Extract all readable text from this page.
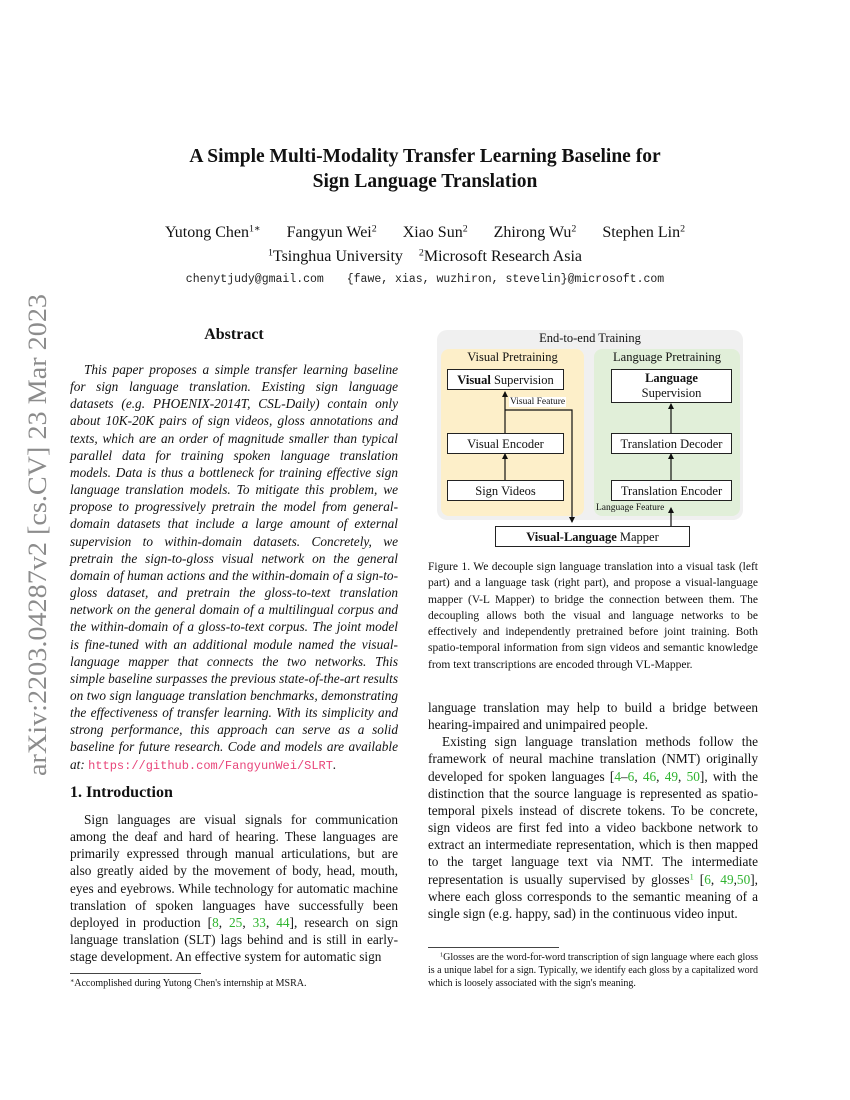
arXiv:2203.04287v2 [cs.CV] 23 Mar 2023
A Simple Multi-Modality Transfer Learning Baseline for
Sign Language Translation
Yutong Chen$^{1∗}$ Fangyun Wei$^2$ Xiao Sun$^2$ Zhirong Wu$^2$ Stephen Lin$^2$
$^1$Tsinghua University $^2$Microsoft Research Asia
chenytjudy@gmail.com {fawe, xias, wuzhiron, stevelin}@microsoft.com
Abstract
This paper proposes a simple transfer learning baseline for sign language translation. Existing sign language datasets (e.g. PHOENIX-2014T, CSL-Daily) contain only about 10K-20K pairs of sign videos, gloss annotations and texts, which are an order of magnitude smaller than typical parallel data for training spoken language translation models. Data is thus a bottleneck for training effective sign language translation models. To mitigate this problem, we propose to progressively pretrain the model from general-domain datasets that include a large amount of external supervision to within-domain datasets. Concretely, we pretrain the sign-to-gloss visual network on the general domain of human actions and the within-domain of a sign-to-gloss dataset, and pretrain the gloss-to-text translation network on the general domain of a multilingual corpus and the within-domain of a gloss-to-text corpus. The joint model is fine-tuned with an additional module named the visual-language mapper that connects the two networks. This simple baseline surpasses the previous state-of-the-art results on two sign language translation benchmarks, demonstrating the effectiveness of transfer learning. With its simplicity and strong performance, this approach can serve as a solid baseline for future research. Code and models are available at: https://github.com/FangyunWei/SLRT.
1. Introduction
Sign languages are visual signals for communication among the deaf and hard of hearing. These languages are primarily expressed through manual articulations, but are also greatly aided by the movement of body, head, mouth, eyes and eyebrows. While technology for automatic machine translation of spoken languages have successfully been deployed in production [8, 25, 33, 44], research on sign language translation (SLT) lags behind and is still in early-stage development. An effective system for automatic sign
∗Accomplished during Yutong Chen's internship at MSRA.
End-to-end Training
Visual Pretraining	Language Pretraining
Visual Supervision
Visual Feature
Visual Encoder
Sign Videos
Language
Supervision
Translation Decoder
Translation Encoder
Language Feature
Visual-Language Mapper
Figure 1. We decouple sign language translation into a visual task (left part) and a language task (right part), and propose a visual-language mapper (V-L Mapper) to bridge the connection between them. The decoupling allows both the visual and language networks to be effectively and independently pretrained before joint training. Both spatio-temporal information from sign videos and semantic knowledge from text transcriptions are encoded through VL-Mapper.

language translation may help to build a bridge between hearing-impaired and unimpaired people.

Existing sign language translation methods follow the framework of neural machine translation (NMT) originally developed for spoken languages [4–6, 46, 49, 50], with the distinction that the source language is represented as spatio-temporal pixels instead of discrete tokens. To be concrete, sign videos are first fed into a video backbone network to extract an intermediate representation, which is then mapped to the target language text via NMT. The intermediate representation is usually supervised by glosses$^1$ [6, 49,50], where each gloss corresponds to the semantic meaning of a single sign (e.g. happy, sad) in the continuous video input.

$^1$Glosses are the word-for-word transcription of sign language where each gloss is a unique label for a sign. Typically, we identify each gloss by a capitalized word which is loosely associated with the sign's meaning.
